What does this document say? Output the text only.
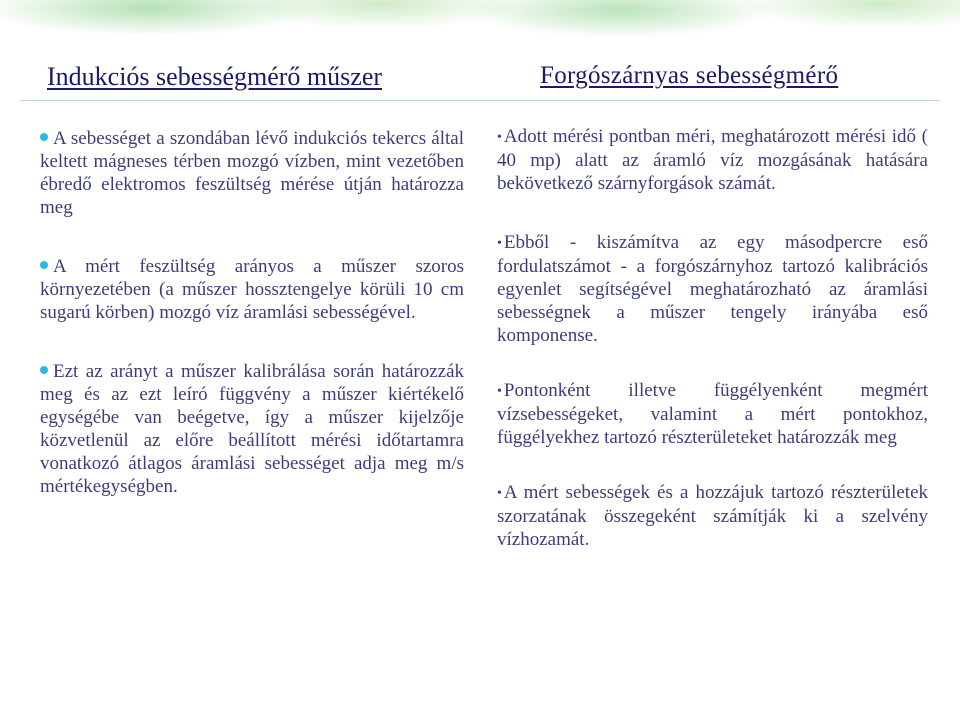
Indukciós sebességmérő műszer	Forgószárnyas sebességmérő
A sebességet a szondában lévő indukciós tekercs által keltett mágneses térben mozgó vízben, mint vezetőben ébredő elektromos feszültség mérése útján határozza meg
A mért feszültség arányos a műszer szoros környezetében (a műszer hossztengelye körüli 10 cm sugarú körben) mozgó víz áramlási sebességével.
Ezt az arányt a műszer kalibrálása során határozzák meg és az ezt leíró függvény a műszer kiértékelő egységébe van beégetve, így a műszer kijelzője közvetlenül az előre beállított mérési időtartamra vonatkozó átlagos áramlási sebességet adja meg m/s mértékegységben.
• Adott mérési pontban méri, meghatározott mérési idő ( 40 mp) alatt az áramló víz mozgásának hatására bekövetkező szárnyforgások számát.
• Ebből - kiszámítva az egy másodpercre eső fordulatszámot - a forgószárnyhoz tartozó kalibrációs egyenlet segítségével meghatározható az áramlási sebességnek a műszer tengely irányába eső komponense.
• Pontonként illetve függélyenként megmért vízsebességeket, valamint a mért pontokhoz, függélyekhez tartozó részterületeket határozzák meg
• A mért sebességek és a hozzájuk tartozó részterületek szorzatának összegeként számítják ki a szelvény vízhozamát.
